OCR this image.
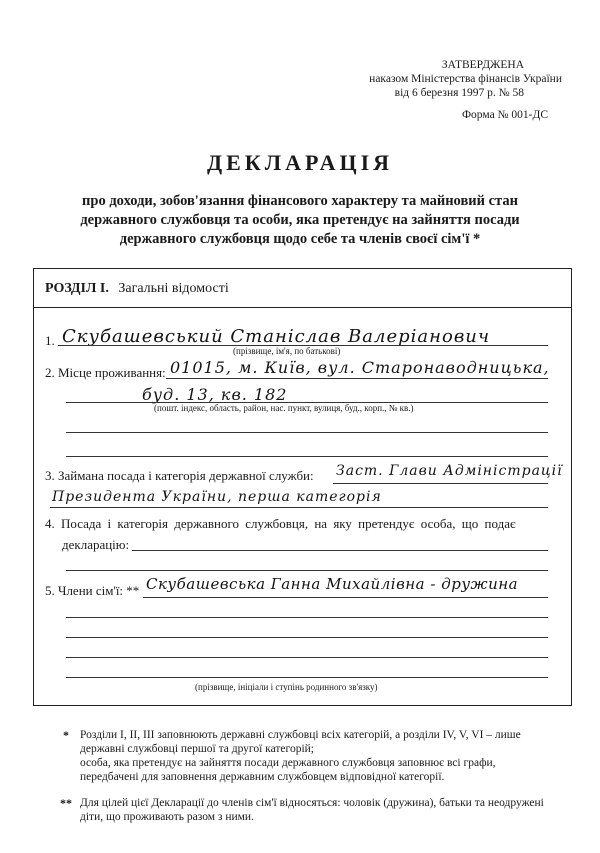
ЗАТВЕРДЖЕНА
наказом Міністерства фінансів України
від 6 березня 1997 р. № 58
Форма № 001-ДС
ДЕКЛАРАЦІЯ
про доходи, зобов'язання фінансового характеру та майновий стан
державного службовця та особи, яка претендує на зайняття посади
державного службовця щодо себе та членів своєї сім'ї *
РОЗДІЛ І. Загальні відомості
1. Скубашевський Станіслав Валеріанович
(прізвище, ім'я, по батькові)
2. Місце проживання: 01015, м. Київ, вул. Старонаводницька,
буд. 13, кв. 182
(пошт. індекс, область, район, нас. пункт, вулиця, буд., корп., № кв.)
3. Займана посада і категорія державної служби: Заст. Глави Адміністрації
Президента України, перша категорія
4. Посада і категорія державного службовця, на яку претендує особа, що подає
декларацію:
5. Члени сім'ї: ** Скубашевська Ганна Михайлівна - дружина
(прізвище, ініціали і ступінь родинного зв'язку)
* Розділи І, ІІ, ІІІ заповнюють державні службовці всіх категорій, а розділи IV, V, VI – лише
державні службовці першої та другої категорій;
особа, яка претендує на зайняття посади державного службовця заповнює всі графи,
передбачені для заповнення державним службовцем відповідної категорії.
** Для цілей цієї Декларації до членів сім'ї відносяться: чоловік (дружина), батьки та неодружені
діти, що проживають разом з ними.
